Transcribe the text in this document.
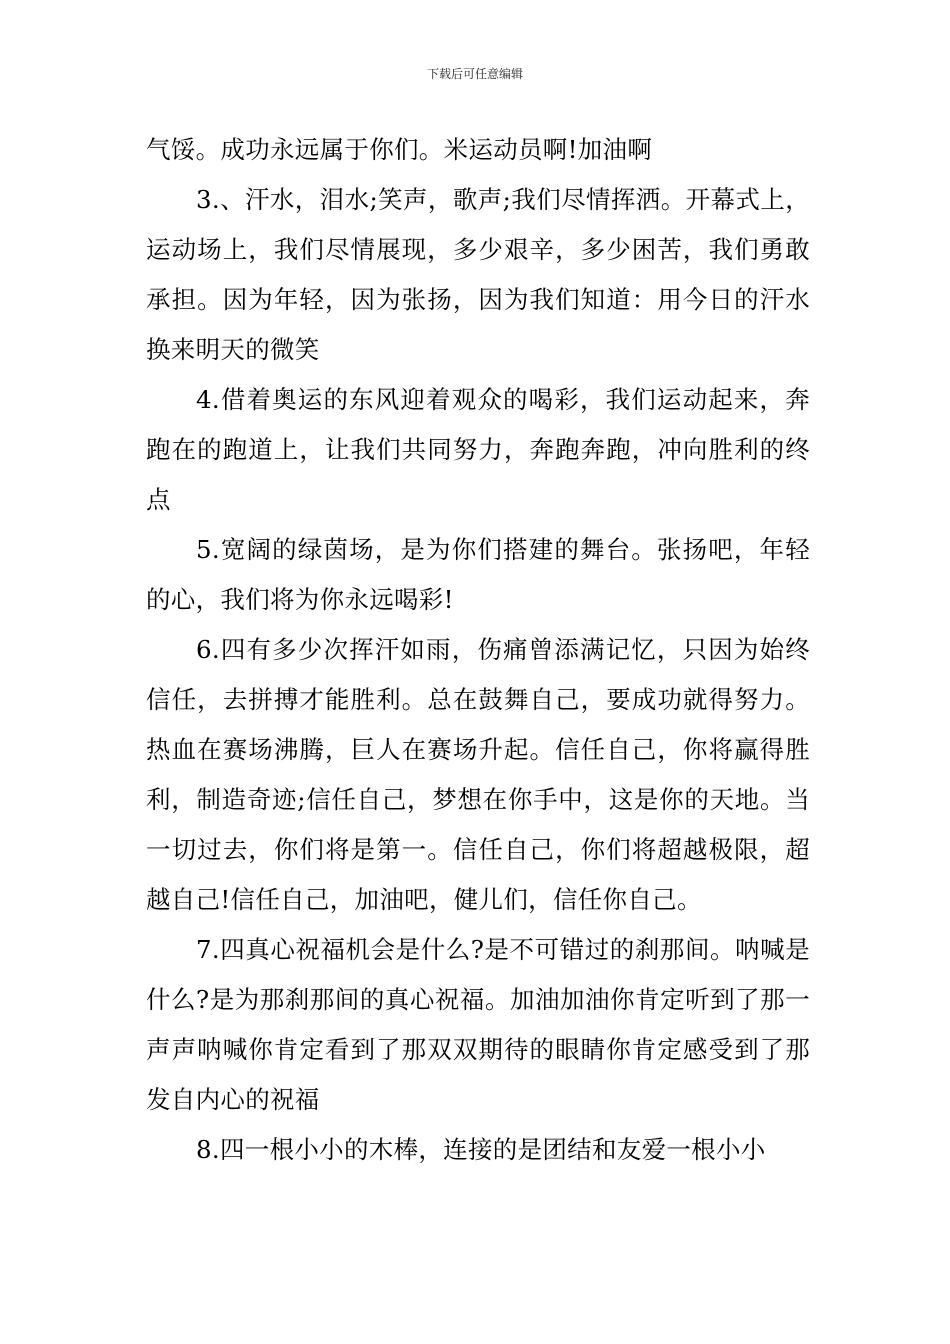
下载后可任意编辑

气馁。成功永远属于你们。米运动员啊!加油啊

3.、汗水，泪水;笑声，歌声;我们尽情挥洒。开幕式上，运动场上，我们尽情展现，多少艰辛，多少困苦，我们勇敢承担。因为年轻，因为张扬，因为我们知道：用今日的汗水换来明天的微笑

4.借着奥运的东风迎着观众的喝彩，我们运动起来，奔跑在的跑道上，让我们共同努力，奔跑奔跑，冲向胜利的终点

5.宽阔的绿茵场，是为你们搭建的舞台。张扬吧，年轻的心，我们将为你永远喝彩!

6.四有多少次挥汗如雨，伤痛曾添满记忆，只因为始终信任，去拼搏才能胜利。总在鼓舞自己，要成功就得努力。热血在赛场沸腾，巨人在赛场升起。信任自己，你将赢得胜利，制造奇迹;信任自己，梦想在你手中，这是你的天地。当一切过去，你们将是第一。信任自己，你们将超越极限，超越自己!信任自己，加油吧，健儿们，信任你自己。

7.四真心祝福机会是什么?是不可错过的刹那间。呐喊是什么?是为那刹那间的真心祝福。加油加油你肯定听到了那一声声呐喊你肯定看到了那双双期待的眼睛你肯定感受到了那发自内心的祝福

8.四一根小小的木棒，连接的是团结和友爱一根小小
